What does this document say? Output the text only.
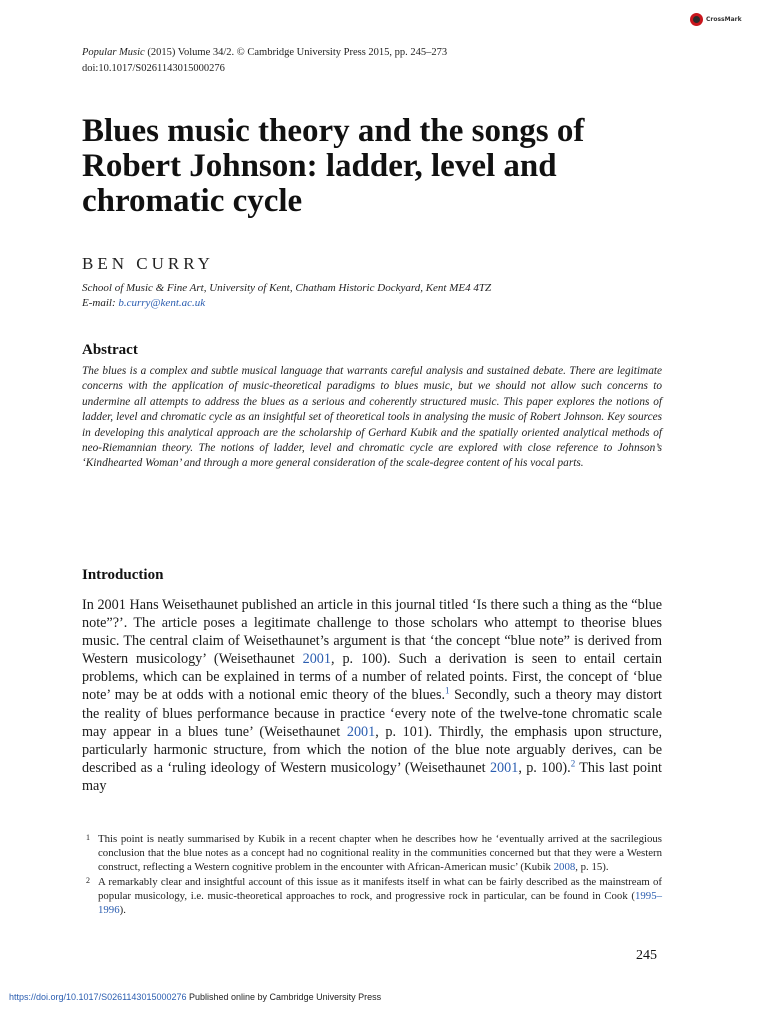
CrossMark
Popular Music (2015) Volume 34/2. © Cambridge University Press 2015, pp. 245–273
doi:10.1017/S0261143015000276
Blues music theory and the songs of Robert Johnson: ladder, level and chromatic cycle
BEN CURRY
School of Music & Fine Art, University of Kent, Chatham Historic Dockyard, Kent ME4 4TZ
E-mail: b.curry@kent.ac.uk
Abstract

The blues is a complex and subtle musical language that warrants careful analysis and sustained debate. There are legitimate concerns with the application of music-theoretical paradigms to blues music, but we should not allow such concerns to undermine all attempts to address the blues as a serious and coherently structured music. This paper explores the notions of ladder, level and chromatic cycle as an insightful set of theoretical tools in analysing the music of Robert Johnson. Key sources in developing this analytical approach are the scholarship of Gerhard Kubik and the spatially oriented analytical methods of neo-Riemannian theory. The notions of ladder, level and chromatic cycle are explored with close reference to Johnson’s ‘Kindhearted Woman’ and through a more general consideration of the scale-degree content of his vocal parts.

Introduction

In 2001 Hans Weisethaunet published an article in this journal titled ‘Is there such a thing as the “blue note”?’. The article poses a legitimate challenge to those scholars who attempt to theorise blues music. The central claim of Weisethaunet’s argument is that ‘the concept “blue note” is derived from Western musicology’ (Weisethaunet 2001, p. 100). Such a derivation is seen to entail certain problems, which can be explained in terms of a number of related points. First, the concept of ‘blue note’ may be at odds with a notional emic theory of the blues.$^1$ Secondly, such a theory may distort the reality of blues performance because in practice ‘every note of the twelve-tone chromatic scale may appear in a blues tune’ (Weisethaunet 2001, p. 101). Thirdly, the emphasis upon structure, particularly harmonic structure, from which the notion of the blue note arguably derives, can be described as a ‘ruling ideology of Western musicology’ (Weisethaunet 2001, p. 100).$^2$ This last point may

1 This point is neatly summarised by Kubik in a recent chapter when he describes how he ‘eventually arrived at the sacrilegious conclusion that the blue notes as a concept had no cognitional reality in the communities concerned but that they were a Western construct, reflecting a Western cognitive problem in the encounter with African-American music’ (Kubik 2008, p. 15).
2 A remarkably clear and insightful account of this issue as it manifests itself in what can be fairly described as the mainstream of popular musicology, i.e. music-theoretical approaches to rock, and progressive rock in particular, can be found in Cook (1995–1996).
245
https://doi.org/10.1017/S0261143015000276 Published online by Cambridge University Press
